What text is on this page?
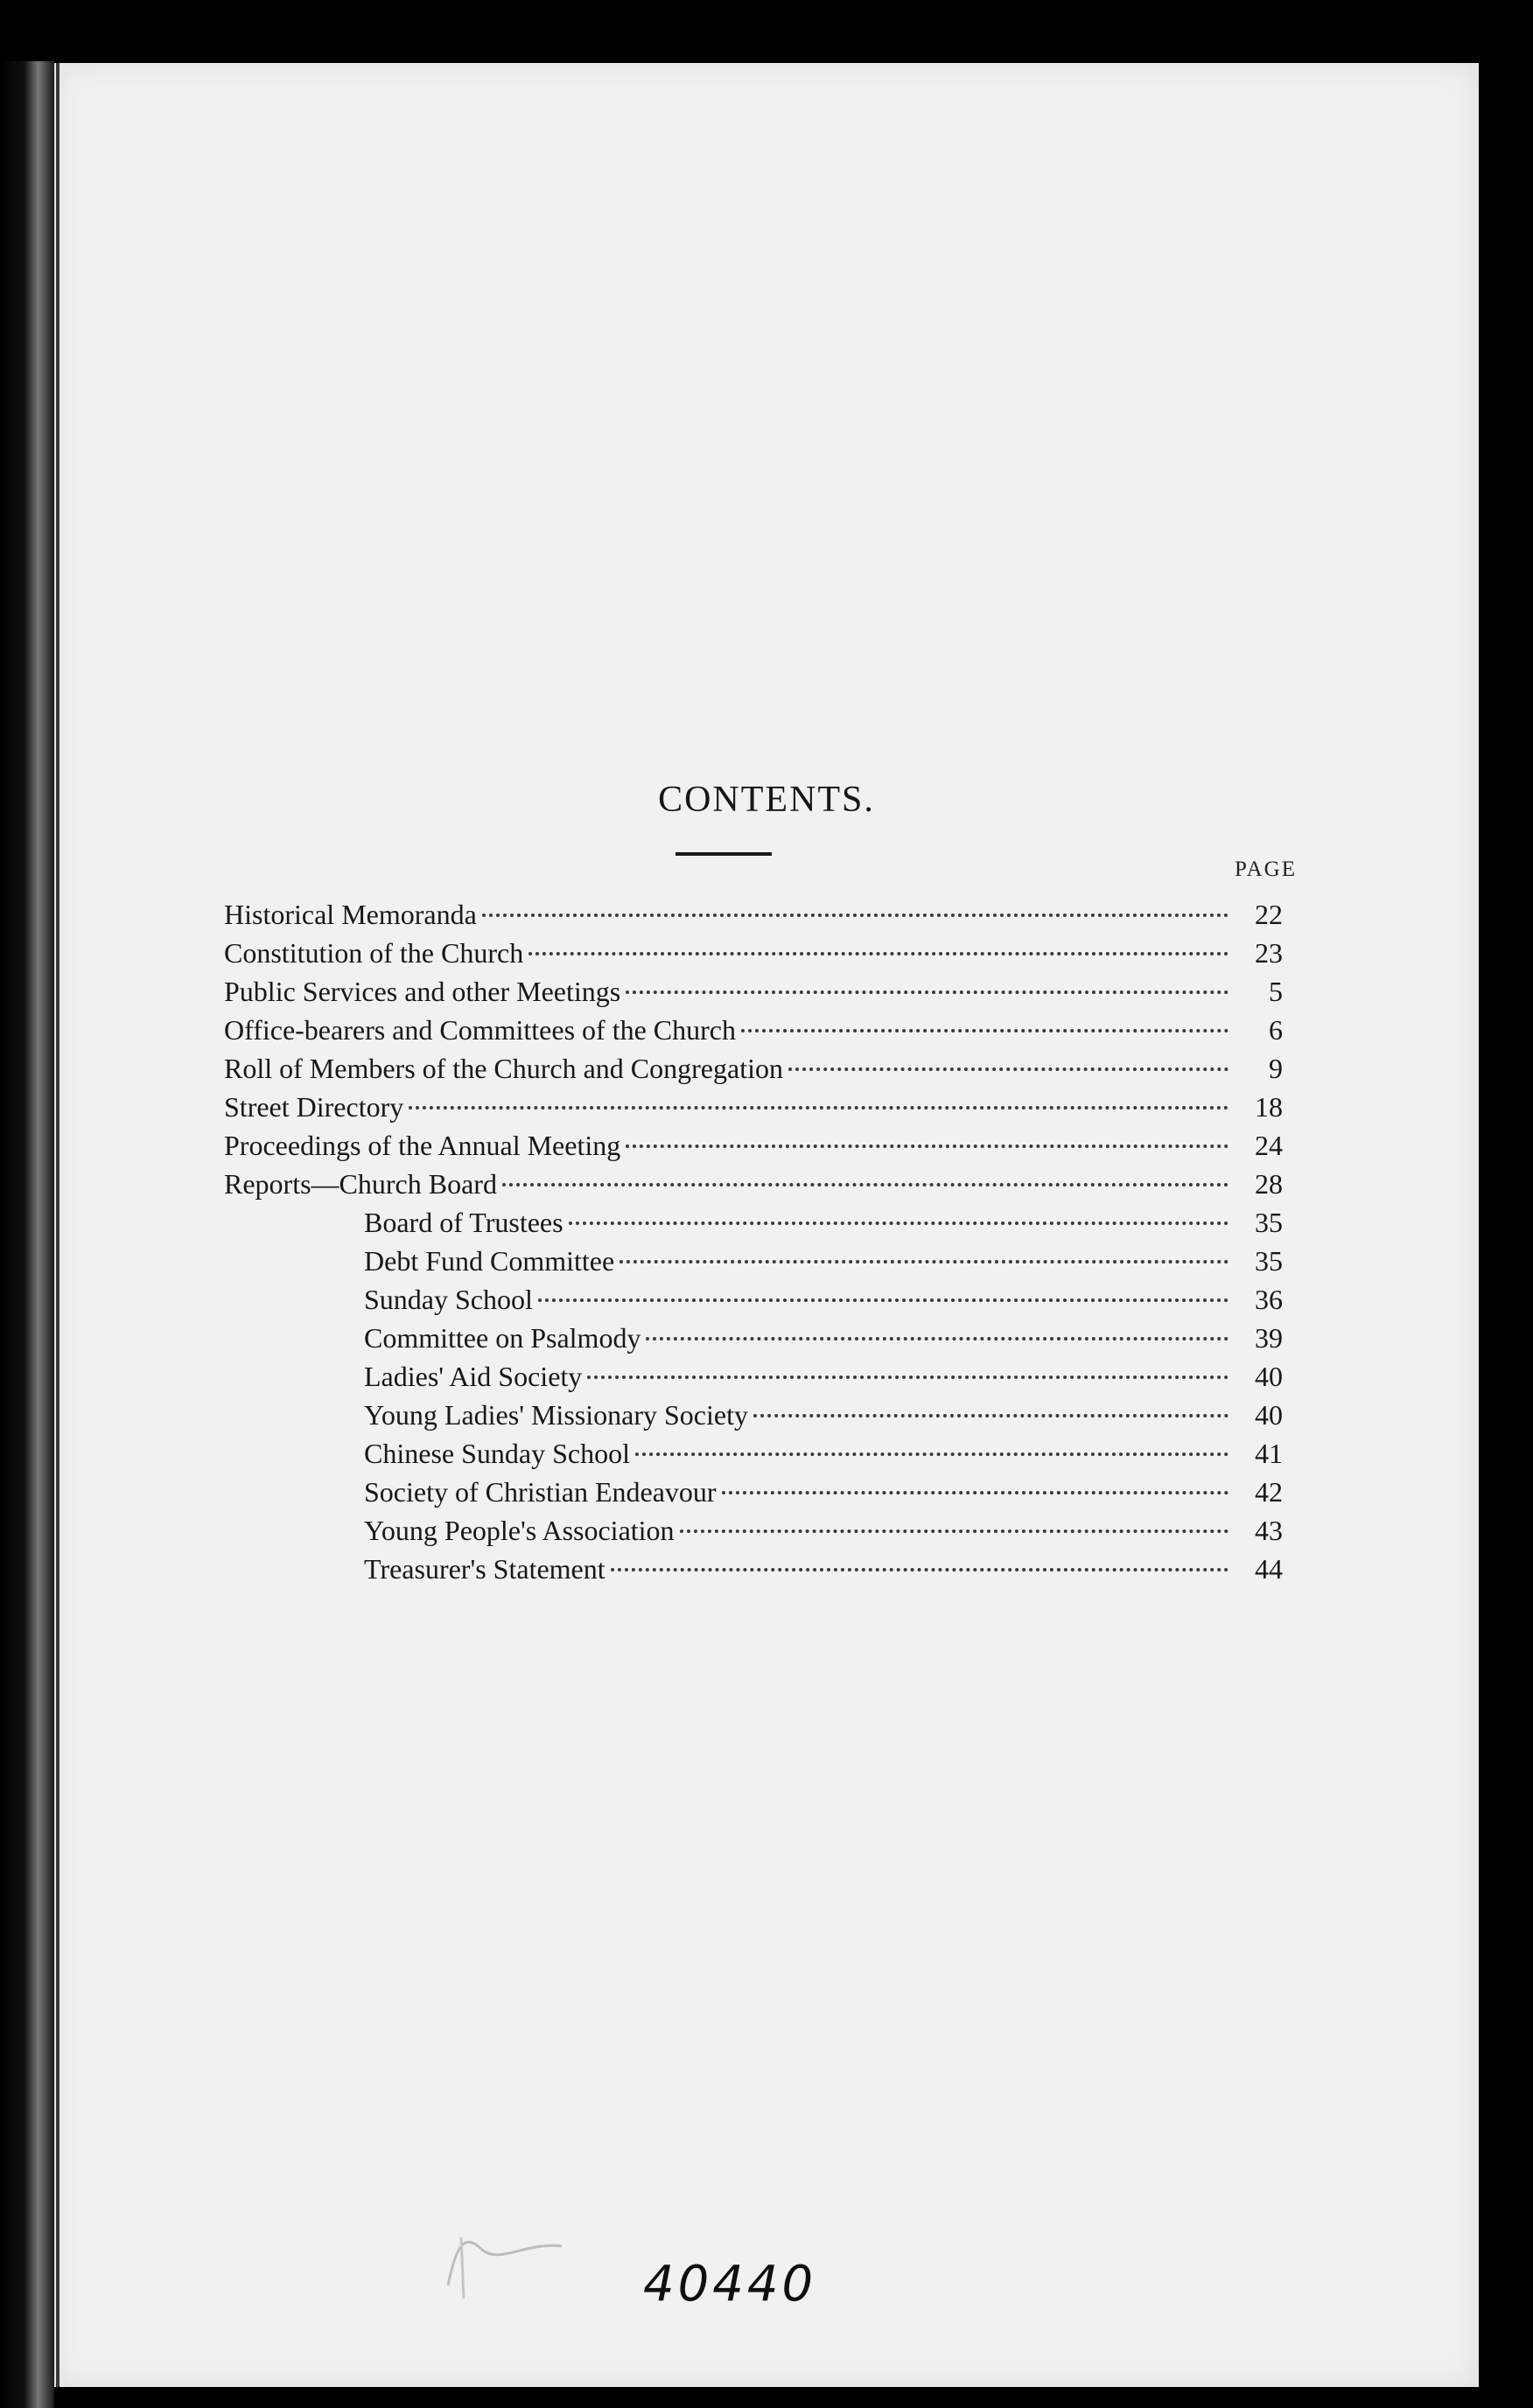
CONTENTS.
PAGE
Historical Memoranda	22
Constitution of the Church	23
Public Services and other Meetings	5
Office-bearers and Committees of the Church	6
Roll of Members of the Church and Congregation	9
Street Directory	18
Proceedings of the Annual Meeting	24
Reports—Church Board	28
Board of Trustees	35
Debt Fund Committee	35
Sunday School	36
Committee on Psalmody	39
Ladies' Aid Society	40
Young Ladies' Missionary Society	40
Chinese Sunday School	41
Society of Christian Endeavour	42
Young People's Association	43
Treasurer's Statement	44
40440
